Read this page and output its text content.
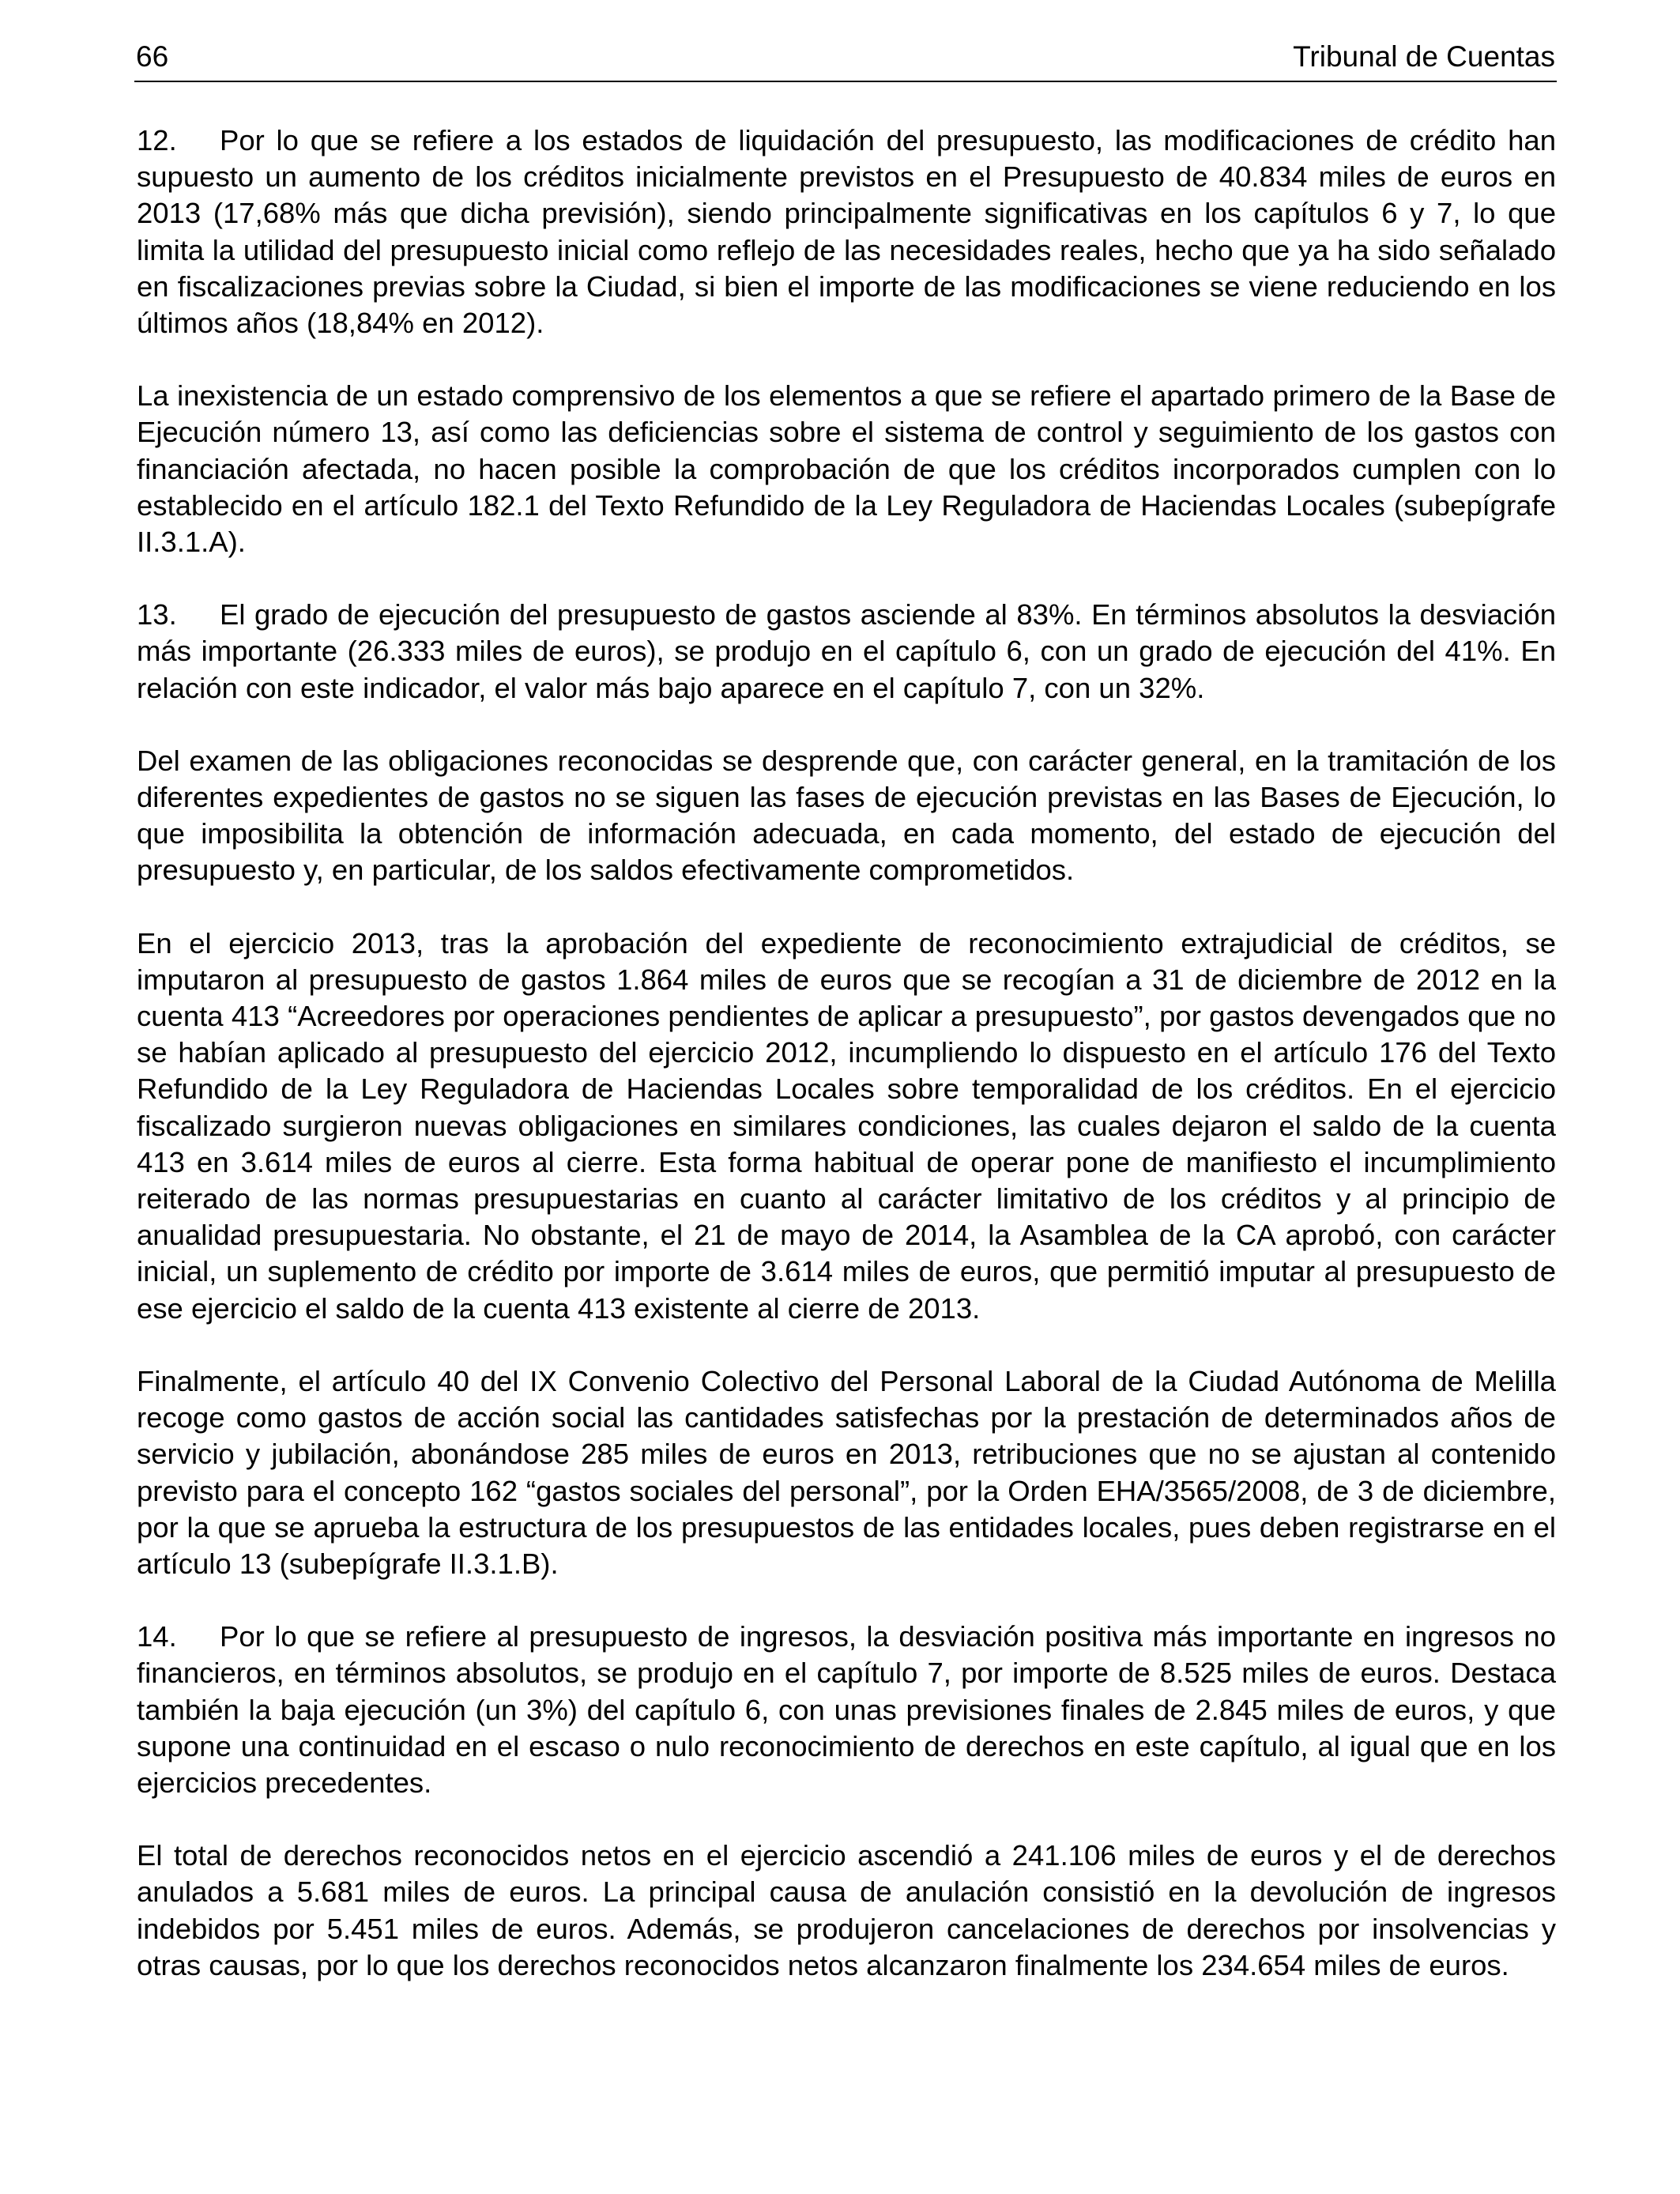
66	Tribunal de Cuentas

12. Por lo que se refiere a los estados de liquidación del presupuesto, las modificaciones de crédito han supuesto un aumento de los créditos inicialmente previstos en el Presupuesto de 40.834 miles de euros en 2013 (17,68% más que dicha previsión), siendo principalmente significativas en los capítulos 6 y 7, lo que limita la utilidad del presupuesto inicial como reflejo de las necesidades reales, hecho que ya ha sido señalado en fiscalizaciones previas sobre la Ciudad, si bien el importe de las modificaciones se viene reduciendo en los últimos años (18,84% en 2012).

La inexistencia de un estado comprensivo de los elementos a que se refiere el apartado primero de la Base de Ejecución número 13, así como las deficiencias sobre el sistema de control y seguimiento de los gastos con financiación afectada, no hacen posible la comprobación de que los créditos incorporados cumplen con lo establecido en el artículo 182.1 del Texto Refundido de la Ley Reguladora de Haciendas Locales (subepígrafe II.3.1.A).

13. El grado de ejecución del presupuesto de gastos asciende al 83%. En términos absolutos la desviación más importante (26.333 miles de euros), se produjo en el capítulo 6, con un grado de ejecución del 41%. En relación con este indicador, el valor más bajo aparece en el capítulo 7, con un 32%.

Del examen de las obligaciones reconocidas se desprende que, con carácter general, en la tramitación de los diferentes expedientes de gastos no se siguen las fases de ejecución previstas en las Bases de Ejecución, lo que imposibilita la obtención de información adecuada, en cada momento, del estado de ejecución del presupuesto y, en particular, de los saldos efectivamente comprometidos.

En el ejercicio 2013, tras la aprobación del expediente de reconocimiento extrajudicial de créditos, se imputaron al presupuesto de gastos 1.864 miles de euros que se recogían a 31 de diciembre de 2012 en la cuenta 413 “Acreedores por operaciones pendientes de aplicar a presupuesto”, por gastos devengados que no se habían aplicado al presupuesto del ejercicio 2012, incumpliendo lo dispuesto en el artículo 176 del Texto Refundido de la Ley Reguladora de Haciendas Locales sobre temporalidad de los créditos. En el ejercicio fiscalizado surgieron nuevas obligaciones en similares condiciones, las cuales dejaron el saldo de la cuenta 413 en 3.614 miles de euros al cierre. Esta forma habitual de operar pone de manifiesto el incumplimiento reiterado de las normas presupuestarias en cuanto al carácter limitativo de los créditos y al principio de anualidad presupuestaria. No obstante, el 21 de mayo de 2014, la Asamblea de la CA aprobó, con carácter inicial, un suplemento de crédito por importe de 3.614 miles de euros, que permitió imputar al presupuesto de ese ejercicio el saldo de la cuenta 413 existente al cierre de 2013.

Finalmente, el artículo 40 del IX Convenio Colectivo del Personal Laboral de la Ciudad Autónoma de Melilla recoge como gastos de acción social las cantidades satisfechas por la prestación de determinados años de servicio y jubilación, abonándose 285 miles de euros en 2013, retribuciones que no se ajustan al contenido previsto para el concepto 162 “gastos sociales del personal”, por la Orden EHA/3565/2008, de 3 de diciembre, por la que se aprueba la estructura de los presupuestos de las entidades locales, pues deben registrarse en el artículo 13 (subepígrafe II.3.1.B).

14. Por lo que se refiere al presupuesto de ingresos, la desviación positiva más importante en ingresos no financieros, en términos absolutos, se produjo en el capítulo 7, por importe de 8.525 miles de euros. Destaca también la baja ejecución (un 3%) del capítulo 6, con unas previsiones finales de 2.845 miles de euros, y que supone una continuidad en el escaso o nulo reconocimiento de derechos en este capítulo, al igual que en los ejercicios precedentes.

El total de derechos reconocidos netos en el ejercicio ascendió a 241.106 miles de euros y el de derechos anulados a 5.681 miles de euros. La principal causa de anulación consistió en la devolución de ingresos indebidos por 5.451 miles de euros. Además, se produjeron cancelaciones de derechos por insolvencias y otras causas, por lo que los derechos reconocidos netos alcanzaron finalmente los 234.654 miles de euros.
